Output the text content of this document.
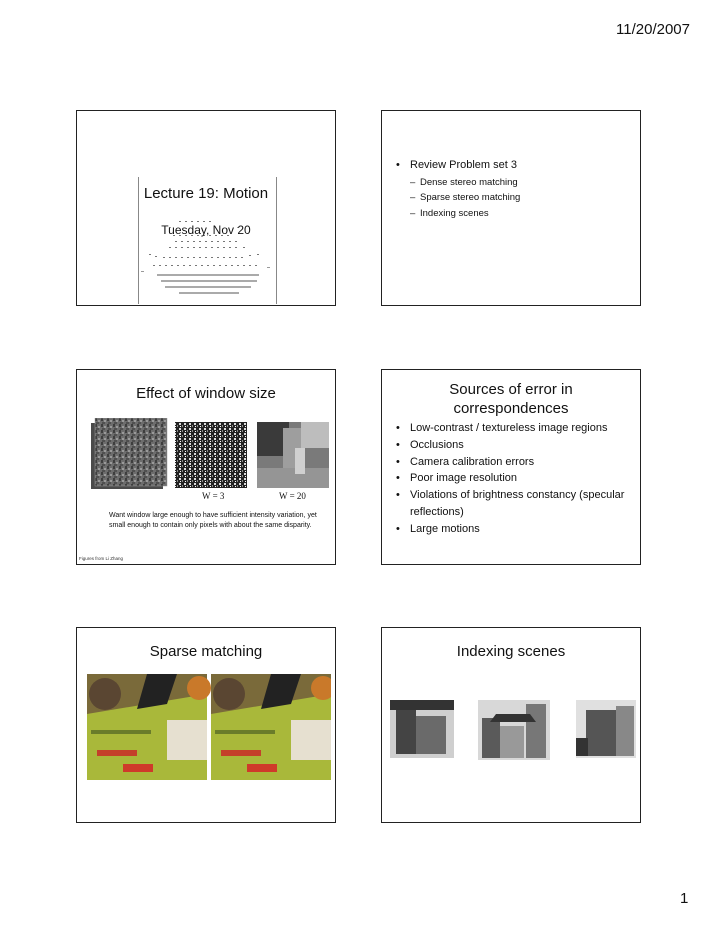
11/20/2007
Lecture 19: Motion
Tuesday, Nov 20
• Review Problem set 3
– Dense stereo matching
– Sparse stereo matching
– Indexing scenes
Effect of window size
W = 3	W = 20
Want window large enough to have sufficient intensity variation, yet small enough to contain only pixels with about the same disparity.
Figures from Li Zhang
Sources of error in
correspondences
• Low-contrast / textureless image regions
• Occlusions
• Camera calibration errors
• Poor image resolution
• Violations of brightness constancy (specular reflections)
• Large motions
Sparse matching	Indexing scenes
1
